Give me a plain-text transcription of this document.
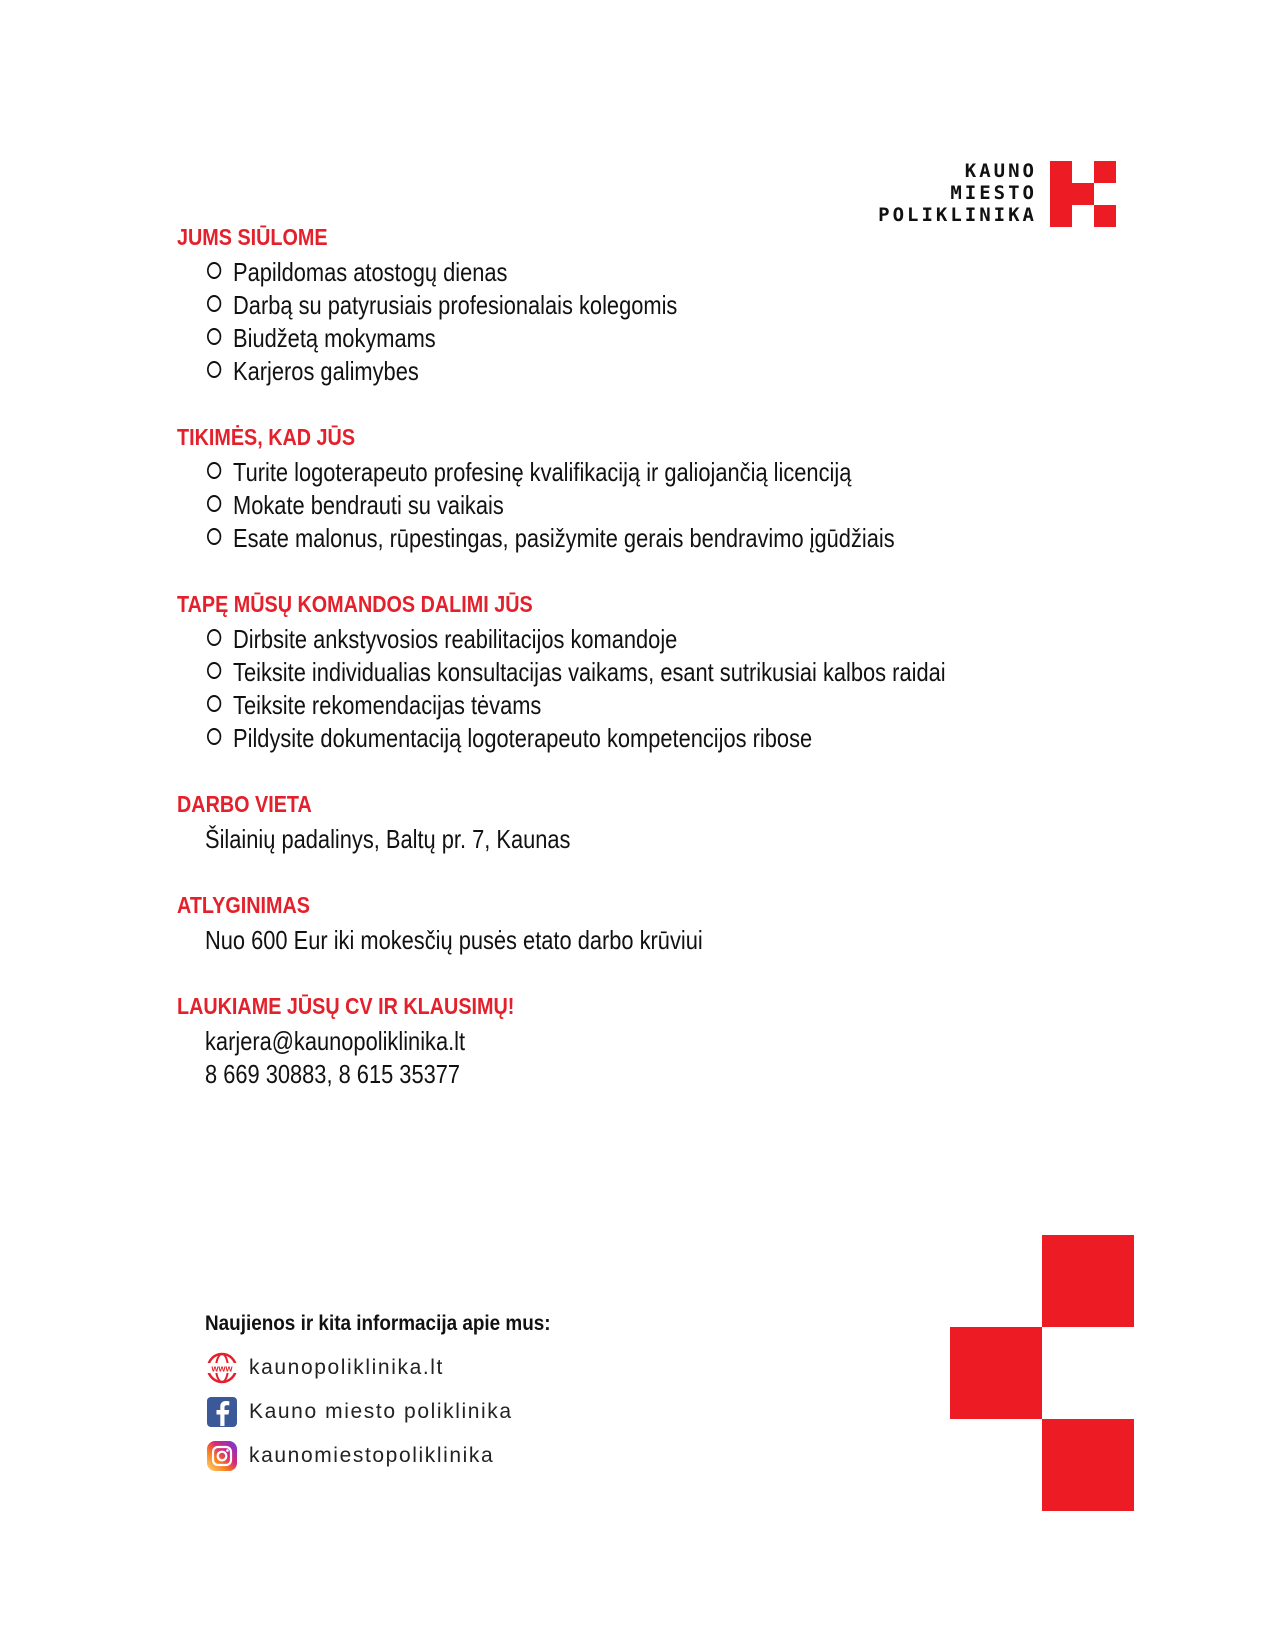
KAUNO
MIESTO
POLIKLINIKA
JUMS SIŪLOME
Papildomas atostogų dienas
Darbą su patyrusiais profesionalais kolegomis
Biudžetą mokymams
Karjeros galimybes
TIKIMĖS, KAD JŪS
Turite logoterapeuto profesinę kvalifikaciją ir galiojančią licenciją
Mokate bendrauti su vaikais
Esate malonus, rūpestingas, pasižymite gerais bendravimo įgūdžiais
TAPĘ MŪSŲ KOMANDOS DALIMI JŪS
Dirbsite ankstyvosios reabilitacijos komandoje
Teiksite individualias konsultacijas vaikams, esant sutrikusiai kalbos raidai
Teiksite rekomendacijas tėvams
Pildysite dokumentaciją logoterapeuto kompetencijos ribose
DARBO VIETA
Šilainių padalinys, Baltų pr. 7, Kaunas
ATLYGINIMAS
Nuo 600 Eur iki mokesčių pusės etato darbo krūviui
LAUKIAME JŪSŲ CV IR KLAUSIMŲ!
karjera@kaunopoliklinika.lt
8 669 30883, 8 615 35377
Naujienos ir kita informacija apie mus:
www kaunopoliklinika.lt
Kauno miesto poliklinika
kaunomiestopoliklinika
